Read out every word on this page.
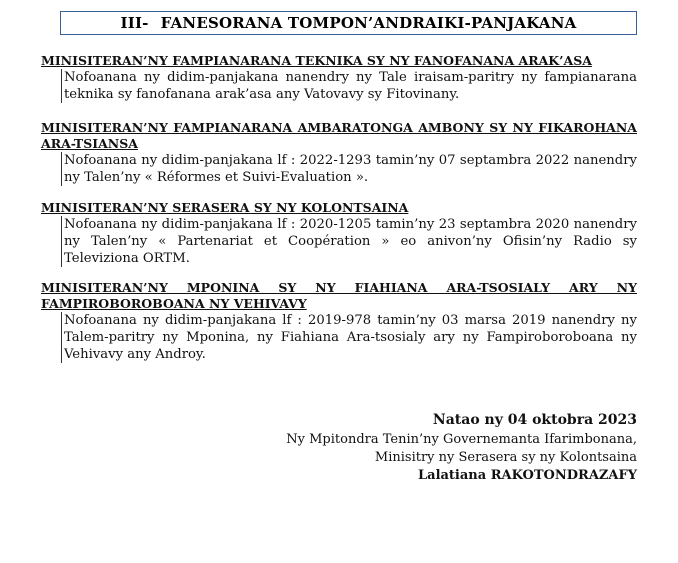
III- FANESORANA TOMPON’ANDRAIKI-PANJAKANA
MINISITERAN’NY FAMPIANARANA TEKNIKA SY NY FANOFANANA ARAK’ASA
Nofoanana ny didim-panjakana nanendry ny Tale iraisam-paritry ny fampianarana teknika sy fanofanana arak’asa any Vatovavy sy Fitovinany.
MINISITERAN’NY FAMPIANARANA AMBARATONGA AMBONY SY NY FIKAROHANA ARA-TSIANSA
Nofoanana ny didim-panjakana lf : 2022-1293 tamin’ny 07 septambra 2022 nanendry ny Talen’ny « Réformes et Suivi-Evaluation ».
MINISITERAN’NY SERASERA SY NY KOLONTSAINA
Nofoanana ny didim-panjakana lf : 2020-1205 tamin’ny 23 septambra 2020 nanendry ny Talen’ny « Partenariat et Coopération » eo anivon’ny Ofisin’ny Radio sy Televiziona ORTM.
MINISITERAN’NY MPONINA SY NY FIAHIANA ARA-TSOSIALY ARY NY FAMPIROBOROBOANA NY VEHIVAVY
Nofoanana ny didim-panjakana lf : 2019-978 tamin’ny 03 marsa 2019 nanendry ny Talem-paritry ny Mponina, ny Fiahiana Ara-tsosialy ary ny Fampiroboroboana ny Vehivavy any Androy.
Natao ny 04 oktobra 2023
Ny Mpitondra Tenin’ny Governemanta Ifarimbonana,
Minisitry ny Serasera sy ny Kolontsaina
Lalatiana RAKOTONDRAZAFY
